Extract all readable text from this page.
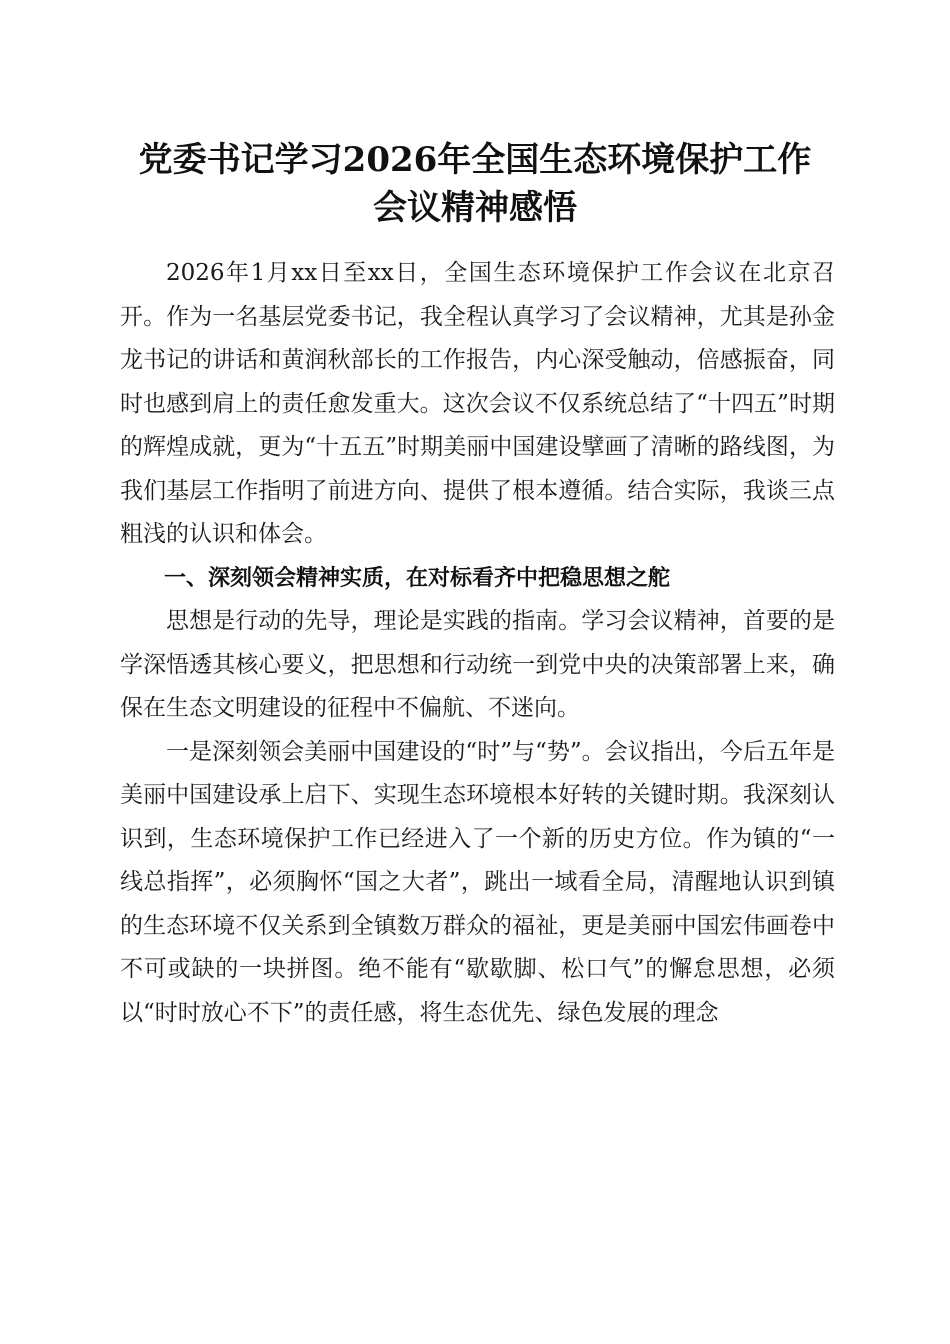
党委书记学习2026年全国生态环境保护工作
会议精神感悟

2026年1月xx日至xx日，全国生态环境保护工作会议在北京召开。作为一名基层党委书记，我全程认真学习了会议精神，尤其是孙金龙书记的讲话和黄润秋部长的工作报告，内心深受触动，倍感振奋，同时也感到肩上的责任愈发重大。这次会议不仅系统总结了“十四五”时期的辉煌成就，更为“十五五”时期美丽中国建设擘画了清晰的路线图，为我们基层工作指明了前进方向、提供了根本遵循。结合实际，我谈三点粗浅的认识和体会。

一、深刻领会精神实质，在对标看齐中把稳思想之舵

思想是行动的先导，理论是实践的指南。学习会议精神，首要的是学深悟透其核心要义，把思想和行动统一到党中央的决策部署上来，确保在生态文明建设的征程中不偏航、不迷向。

一是深刻领会美丽中国建设的“时”与“势”。会议指出，今后五年是美丽中国建设承上启下、实现生态环境根本好转的关键时期。我深刻认识到，生态环境保护工作已经进入了一个新的历史方位。作为镇的“一线总指挥”，必须胸怀“国之大者”，跳出一域看全局，清醒地认识到镇的生态环境不仅关系到全镇数万群众的福祉，更是美丽中国宏伟画卷中不可或缺的一块拼图。绝不能有“歇歇脚、松口气”的懈怠思想，必须以“时时放心不下”的责任感，将生态优先、绿色发展的理念
